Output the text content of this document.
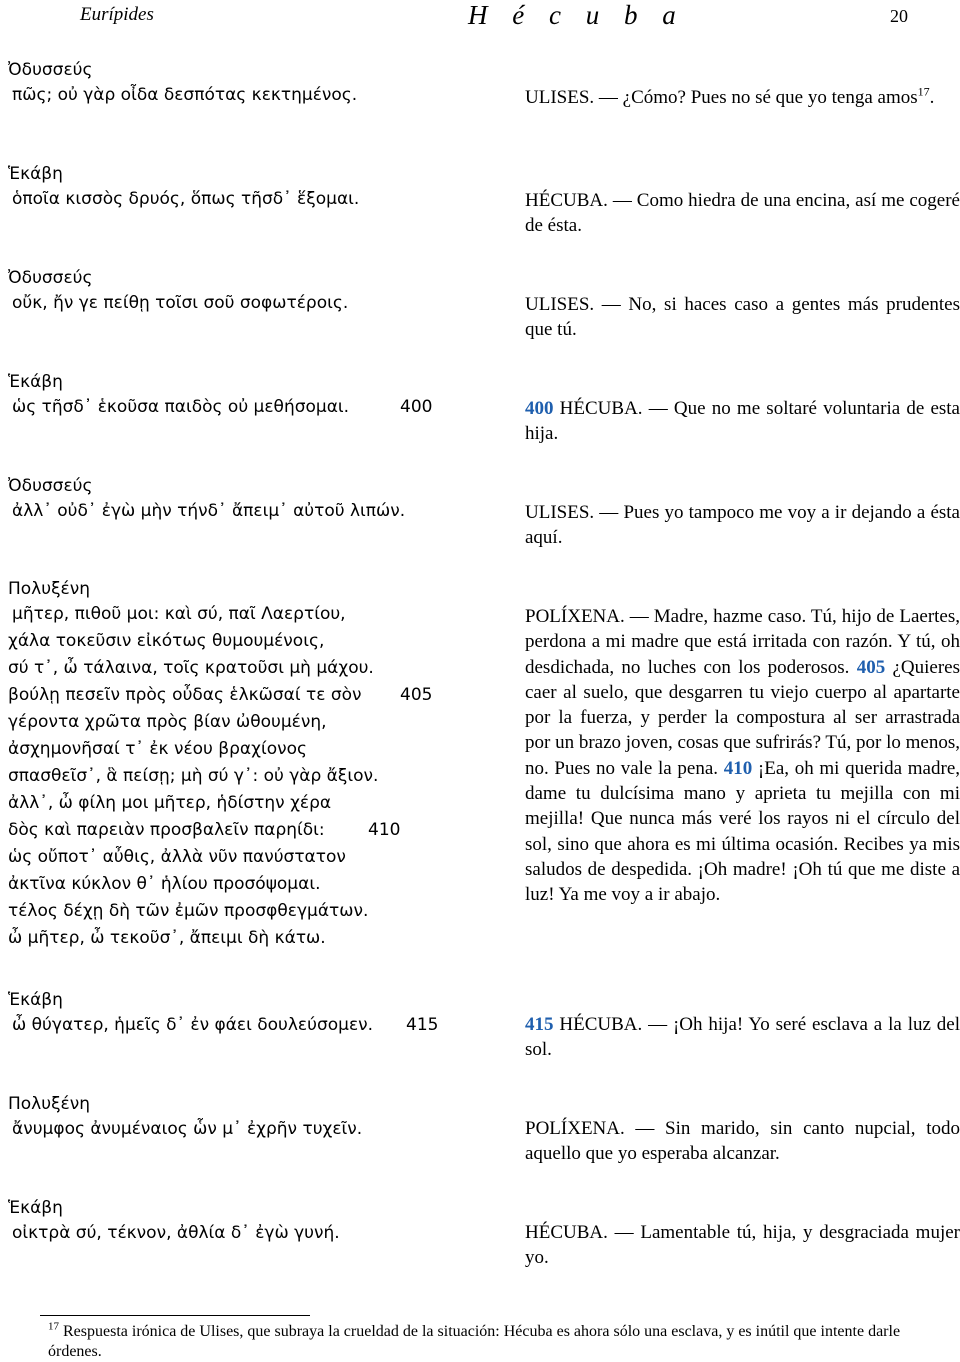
Eurípides	H é c u b a	20
Ὀδυσσεύς
πῶς; οὐ γὰρ οἶδα δεσπότας κεκτημένος.
Ἑκάβη
ὁποῖα κισσὸς δρυός, ὅπως τῆσδ᾽ ἕξομαι.
Ὀδυσσεύς
οὔκ, ἤν γε πείθῃ τοῖσι σοῦ σοφωτέροις.
Ἑκάβη
ὡς τῆσδ᾽ ἑκοῦσα παιδὸς οὐ μεθήσομαι.	400
Ὀδυσσεύς
ἀλλ᾽ οὐδ᾽ ἐγὼ μὴν τήνδ᾽ ἄπειμ᾽ αὐτοῦ λιπών.
Πολυξένη
μῆτερ, πιθοῦ μοι: καὶ σύ, παῖ Λαερτίου,
χάλα τοκεῦσιν εἰκότως θυμουμένοις,
σύ τ᾽, ὦ τάλαινα, τοῖς κρατοῦσι μὴ μάχου.
βούλῃ πεσεῖν πρὸς οὖδας ἑλκῶσαί τε σὸν 405
γέροντα χρῶτα πρὸς βίαν ὠθουμένη,
ἀσχημονῆσαί τ᾽ ἐκ νέου βραχίονος
σπασθεῖσ᾽, ἃ πείσῃ; μὴ σύ γ᾽: οὐ γὰρ ἄξιον.
ἀλλ᾽, ὦ φίλη μοι μῆτερ, ἡδίστην χέρα
δὸς καὶ παρειὰν προσβαλεῖν παρηίδι:	410
ὡς οὔποτ᾽ αὖθις, ἀλλὰ νῦν πανύστατον
ἀκτῖνα κύκλον θ᾽ ἡλίου προσόψομαι.
τέλος δέχῃ δὴ τῶν ἐμῶν προσφθεγμάτων.
ὦ μῆτερ, ὦ τεκοῦσ᾽, ἄπειμι δὴ κάτω.
Ἑκάβη
ὦ θύγατερ, ἡμεῖς δ᾽ ἐν φάει δουλεύσομεν. 415
Πολυξένη
ἄνυμφος ἀνυμέναιος ὧν μ᾽ ἐχρῆν τυχεῖν.
Ἑκάβη
οἰκτρὰ σύ, τέκνον, ἀθλία δ᾽ ἐγὼ γυνή.
ULISES. — ¿Cómo? Pues no sé que yo tenga amos$^{17}$.
HÉCUBA. — Como hiedra de una encina, así me cogeré de ésta.
ULISES. — No, si haces caso a gentes más prudentes que tú.
400 HÉCUBA. — Que no me soltaré voluntaria de esta hija.
ULISES. — Pues yo tampoco me voy a ir dejando a ésta aquí.
POLÍXENA. — Madre, hazme caso. Tú, hijo de Laertes, perdona a mi madre que está irritada con razón. Y tú, oh desdichada, no luches con los poderosos. 405 ¿Quieres caer al suelo, que desgarren tu viejo cuerpo al apartarte por la fuerza, y perder la compostura al ser arrastrada por un brazo joven, cosas que sufrirás? Tú, por lo menos, no. Pues no vale la pena. 410 ¡Ea, oh mi querida madre, dame tu dulcísima mano y aprieta tu mejilla con mi mejilla! Que nunca más veré los rayos ni el círculo del sol, sino que ahora es mi última ocasión. Recibes ya mis saludos de despedida. ¡Oh madre! ¡Oh tú que me diste a luz! Ya me voy a ir abajo.
415 HÉCUBA. — ¡Oh hija! Yo seré esclava a la luz del sol.
POLÍXENA. — Sin marido, sin canto nupcial, todo aquello que yo esperaba alcanzar.
HÉCUBA. — Lamentable tú, hija, y desgraciada mujer yo.
$^{17}$ Respuesta irónica de Ulises, que subraya la crueldad de la situación: Hécuba es ahora sólo una esclava, y es inútil que intente darle órdenes.
